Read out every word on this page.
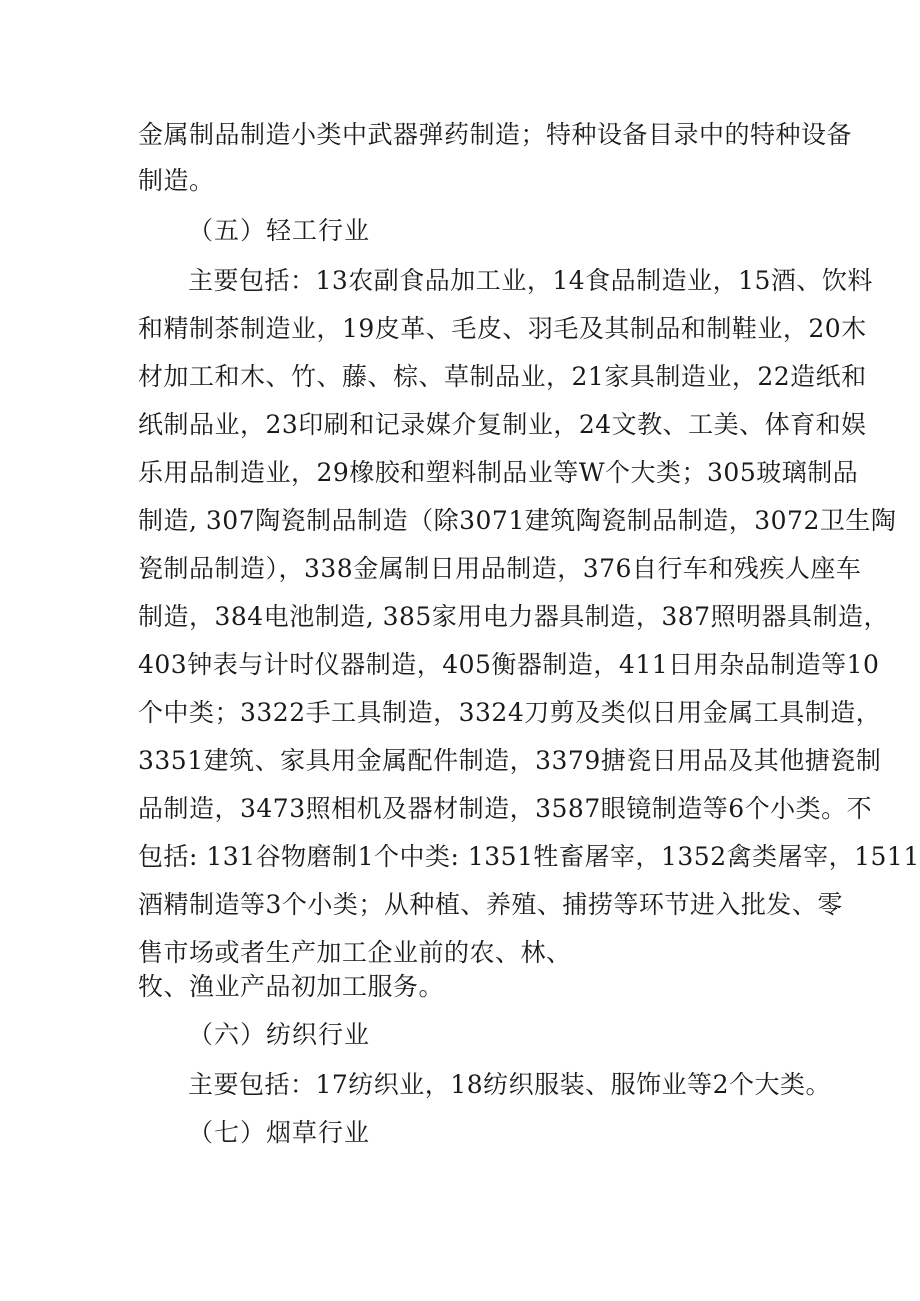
金属制品制造小类中武器弹药制造；特种设备目录中的特种设备
制造。
（五）轻工行业
主要包括：13农副食品加工业，14食品制造业，15酒、饮料
和精制茶制造业，19皮革、毛皮、羽毛及其制品和制鞋业，20木
材加工和木、竹、藤、棕、草制品业，21家具制造业，22造纸和
纸制品业，23印刷和记录媒介复制业，24文教、工美、体育和娱
乐用品制造业，29橡胶和塑料制品业等W个大类；305玻璃制品
制造, 307陶瓷制品制造（除3071建筑陶瓷制品制造，3072卫生陶
瓷制品制造），338金属制日用品制造，376自行车和残疾人座车
制造，384电池制造, 385家用电力器具制造，387照明器具制造，
403钟表与计时仪器制造，405衡器制造，411日用杂品制造等10
个中类；3322手工具制造，3324刀剪及类似日用金属工具制造，
3351建筑、家具用金属配件制造，3379搪瓷日用品及其他搪瓷制
品制造，3473照相机及器材制造，3587眼镜制造等6个小类。不
包括: 131谷物磨制1个中类: 1351牲畜屠宰，1352禽类屠宰，1511
酒精制造等3个小类；从种植、养殖、捕捞等环节进入批发、零
售市场或者生产加工企业前的农、林、
牧、渔业产品初加工服务。
（六）纺织行业
主要包括：17纺织业，18纺织服装、服饰业等2个大类。
（七）烟草行业
